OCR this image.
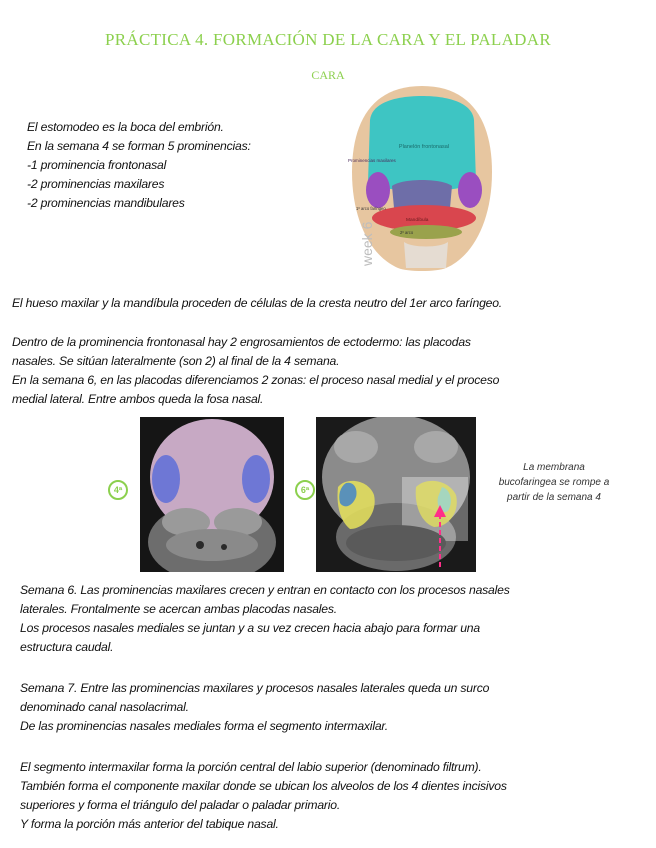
PRÁCTICA 4. FORMACIÓN DE LA CARA Y EL PALADAR
CARA
El estomodeo es la boca del embrión.
En la semana 4 se forman 5 prominencias:
-1 prominencia frontonasal
-2 prominencias maxilares
-2 prominencias mandibulares
Planelón frontonasal
Prominencias maxilares
1º arco faríngeo
Mandíbula
2º arco
week 6
El hueso maxilar y la mandíbula proceden de células de la cresta neutro del 1er arco faríngeo.
Dentro de la prominencia frontonasal hay 2 engrosamientos de ectodermo: las placodas
nasales. Se sitúan lateralmente (son 2) al final de la 4 semana.
En la semana 6, en las placodas diferenciamos 2 zonas: el proceso nasal medial y el proceso
medial lateral. Entre ambos queda la fosa nasal.
4ª	6ª
La membrana
bucofaringea se rompe a
partir de la semana 4
Semana 6. Las prominencias maxilares crecen y entran en contacto con los procesos nasales
laterales. Frontalmente se acercan ambas placodas nasales.
Los procesos nasales mediales se juntan y a su vez crecen hacia abajo para formar una
estructura caudal.
Semana 7. Entre las prominencias maxilares y procesos nasales laterales queda un surco
denominado canal nasolacrimal.
De las prominencias nasales mediales forma el segmento intermaxilar.
El segmento intermaxilar forma la porción central del labio superior (denominado filtrum).
También forma el componente maxilar donde se ubican los alveolos de los 4 dientes incisivos
superiores y forma el triángulo del paladar o paladar primario.
Y forma la porción más anterior del tabique nasal.
